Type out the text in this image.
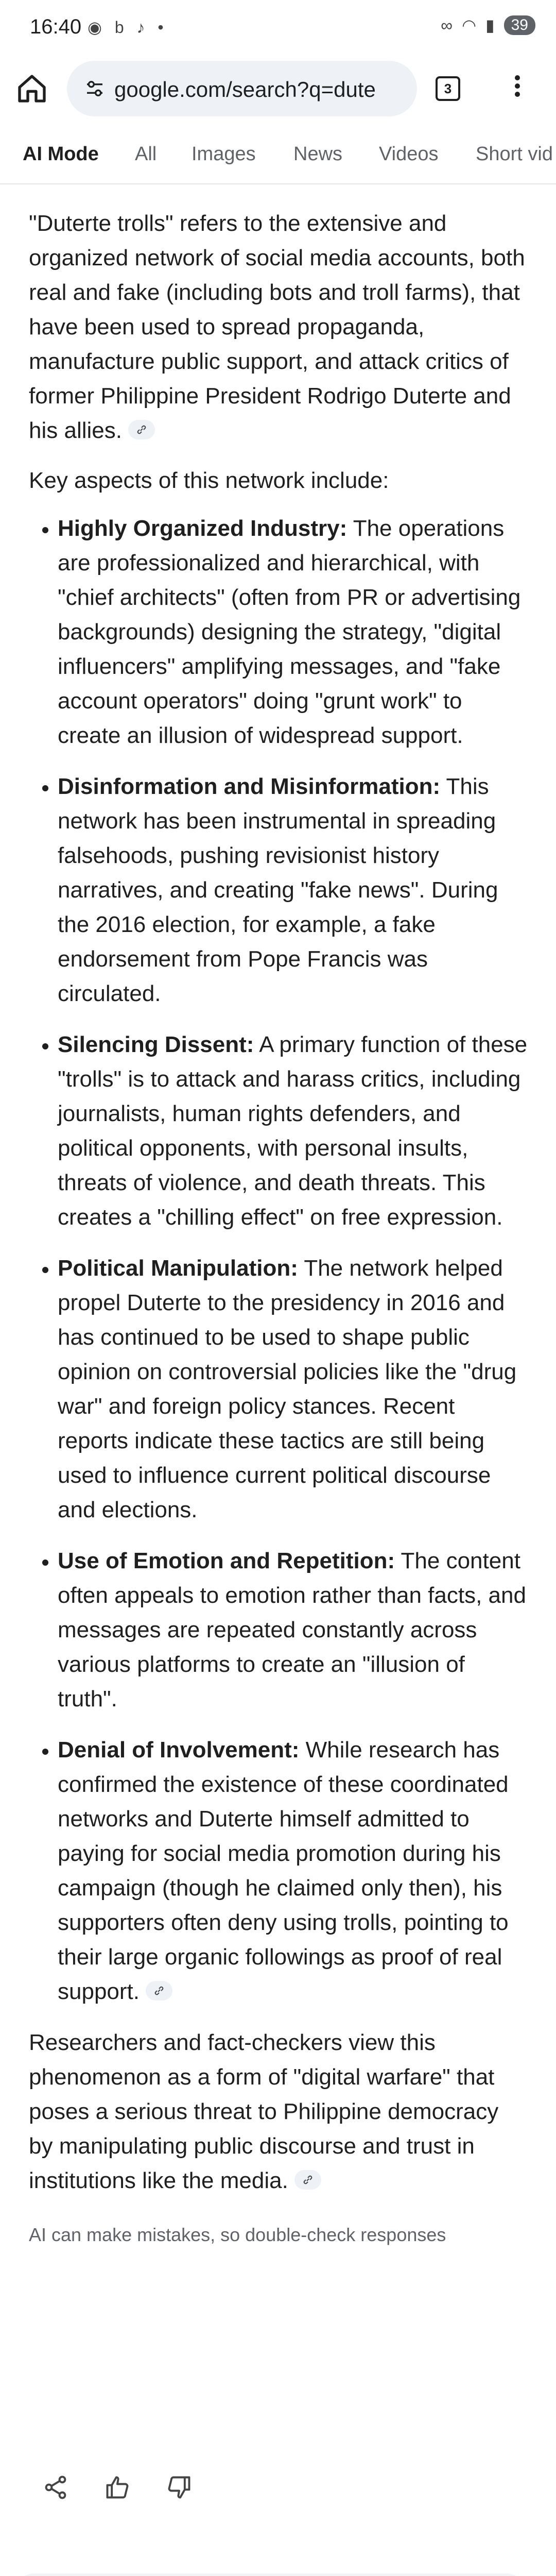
16:40 ◉ b ♪ •	∞ ◠ ▮	39
google.com/search?q=dute	3
AI Mode All Images News Videos Short vid

"Duterte trolls" refers to the extensive and organized network of social media accounts, both real and fake (including bots and troll farms), that have been used to spread propaganda, manufacture public support, and attack critics of former Philippine President Rodrigo Duterte and his allies.

Key aspects of this network include:

• Highly Organized Industry: The operations are professionalized and hierarchical, with "chief architects" (often from PR or advertising backgrounds) designing the strategy, "digital influencers" amplifying messages, and "fake account operators" doing "grunt work" to create an illusion of widespread support.
• Disinformation and Misinformation: This network has been instrumental in spreading falsehoods, pushing revisionist history narratives, and creating "fake news". During the 2016 election, for example, a fake endorsement from Pope Francis was circulated.
• Silencing Dissent: A primary function of these "trolls" is to attack and harass critics, including journalists, human rights defenders, and political opponents, with personal insults, threats of violence, and death threats. This creates a "chilling effect" on free expression.
• Political Manipulation: The network helped propel Duterte to the presidency in 2016 and has continued to be used to shape public opinion on controversial policies like the "drug war" and foreign policy stances. Recent reports indicate these tactics are still being used to influence current political discourse and elections.
• Use of Emotion and Repetition: The content often appeals to emotion rather than facts, and messages are repeated constantly across various platforms to create an "illusion of truth".
• Denial of Involvement: While research has confirmed the existence of these coordinated networks and Duterte himself admitted to paying for social media promotion during his campaign (though he claimed only then), his supporters often deny using trolls, pointing to their large organic followings as proof of real support.

Researchers and fact-checkers view this phenomenon as a form of "digital warfare" that poses a serious threat to Philippine democracy by manipulating public discourse and trust in institutions like the media.

AI can make mistakes, so double-check responses
